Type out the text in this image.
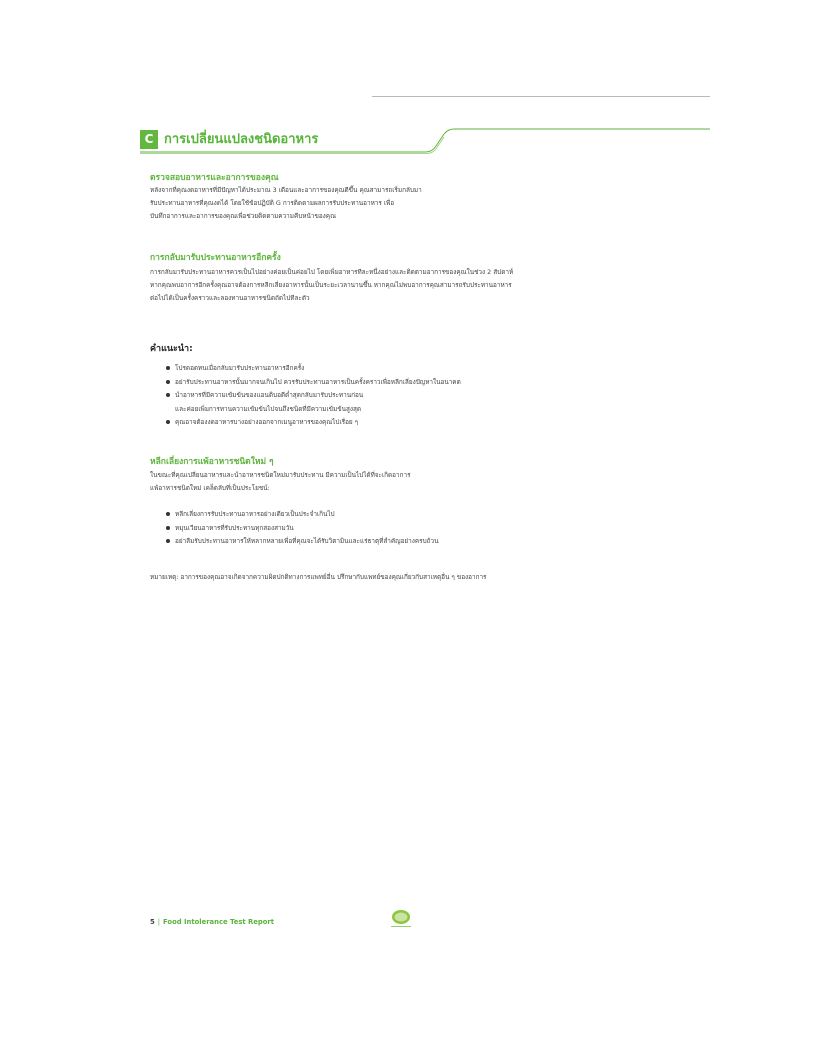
C การเปลี่ยนแปลงชนิดอาหาร
ตรวจสอบอาหารและอาการของคุณ
หลังจากที่คุณงดอาหารที่มีปัญหาได้ประมาณ 3 เดือนและอาการของคุณดีขึ้น คุณสามารถเริ่มกลับมา
รับประทานอาหารที่คุณงดได้ โดยใช้ข้อปฏิบัติ G การติดตามผลการรับประทานอาหาร เพื่อ
บันทึกอาการและอาการของคุณเพื่อช่วยติดตามความคืบหน้าของคุณ
การกลับมารับประทานอาหารอีกครั้ง
การกลับมารับประทานอาหารควรเป็นไปอย่างค่อยเป็นค่อยไป โดยเพิ่มอาหารทีละหนึ่งอย่างและติดตามอาการของคุณในช่วง 2 สัปดาห์
หากคุณพบอาการอีกครั้งคุณอาจต้องการหลีกเลี่ยงอาหารนั้นเป็นระยะเวลานานขึ้น หากคุณไม่พบอาการคุณสามารถรับประทานอาหาร
ต่อไปได้เป็นครั้งคราวและลองทานอาหารชนิดถัดไปทีละตัว
คำแนะนำ:
โปรดอดทนเมื่อกลับมารับประทานอาหารอีกครั้ง
อย่ารับประทานอาหารนั้นมากจนเกินไป ควรรับประทานอาหารเป็นครั้งคราวเพื่อหลีกเลี่ยงปัญหาในอนาคต
นำอาหารที่มีความเข้มข้นของแอนติบอดีต่ำสุดกลับมารับประทานก่อน
และค่อยเพิ่มการทานความเข้มข้นไปจนถึงชนิดที่มีความเข้มข้นสูงสุด
คุณอาจต้องงดอาหารบางอย่างออกจากเมนูอาหารของคุณไปเรื่อย ๆ
หลีกเลี่ยงการแพ้อาหารชนิดใหม่ ๆ
ในขณะที่คุณเปลี่ยนอาหารและนำอาหารชนิดใหม่มารับประทาน มีความเป็นไปได้ที่จะเกิดอาการ
แพ้อาหารชนิดใหม่ เคล็ดลับที่เป็นประโยชน์:
หลีกเลี่ยงการรับประทานอาหารอย่างเดียวเป็นประจำเกินไป
หมุนเวียนอาหารที่รับประทานทุกสองสามวัน
อย่าลืมรับประทานอาหารให้หลากหลายเพื่อที่คุณจะได้รับวิตามินและแร่ธาตุที่สำคัญอย่างครบถ้วน
หมายเหตุ: อาการของคุณอาจเกิดจากความผิดปกติทางการแพทย์อื่น ปรึกษากับแพทย์ของคุณเกี่ยวกับสาเหตุอื่น ๆ ของอาการ
5 | Food Intolerance Test Report
